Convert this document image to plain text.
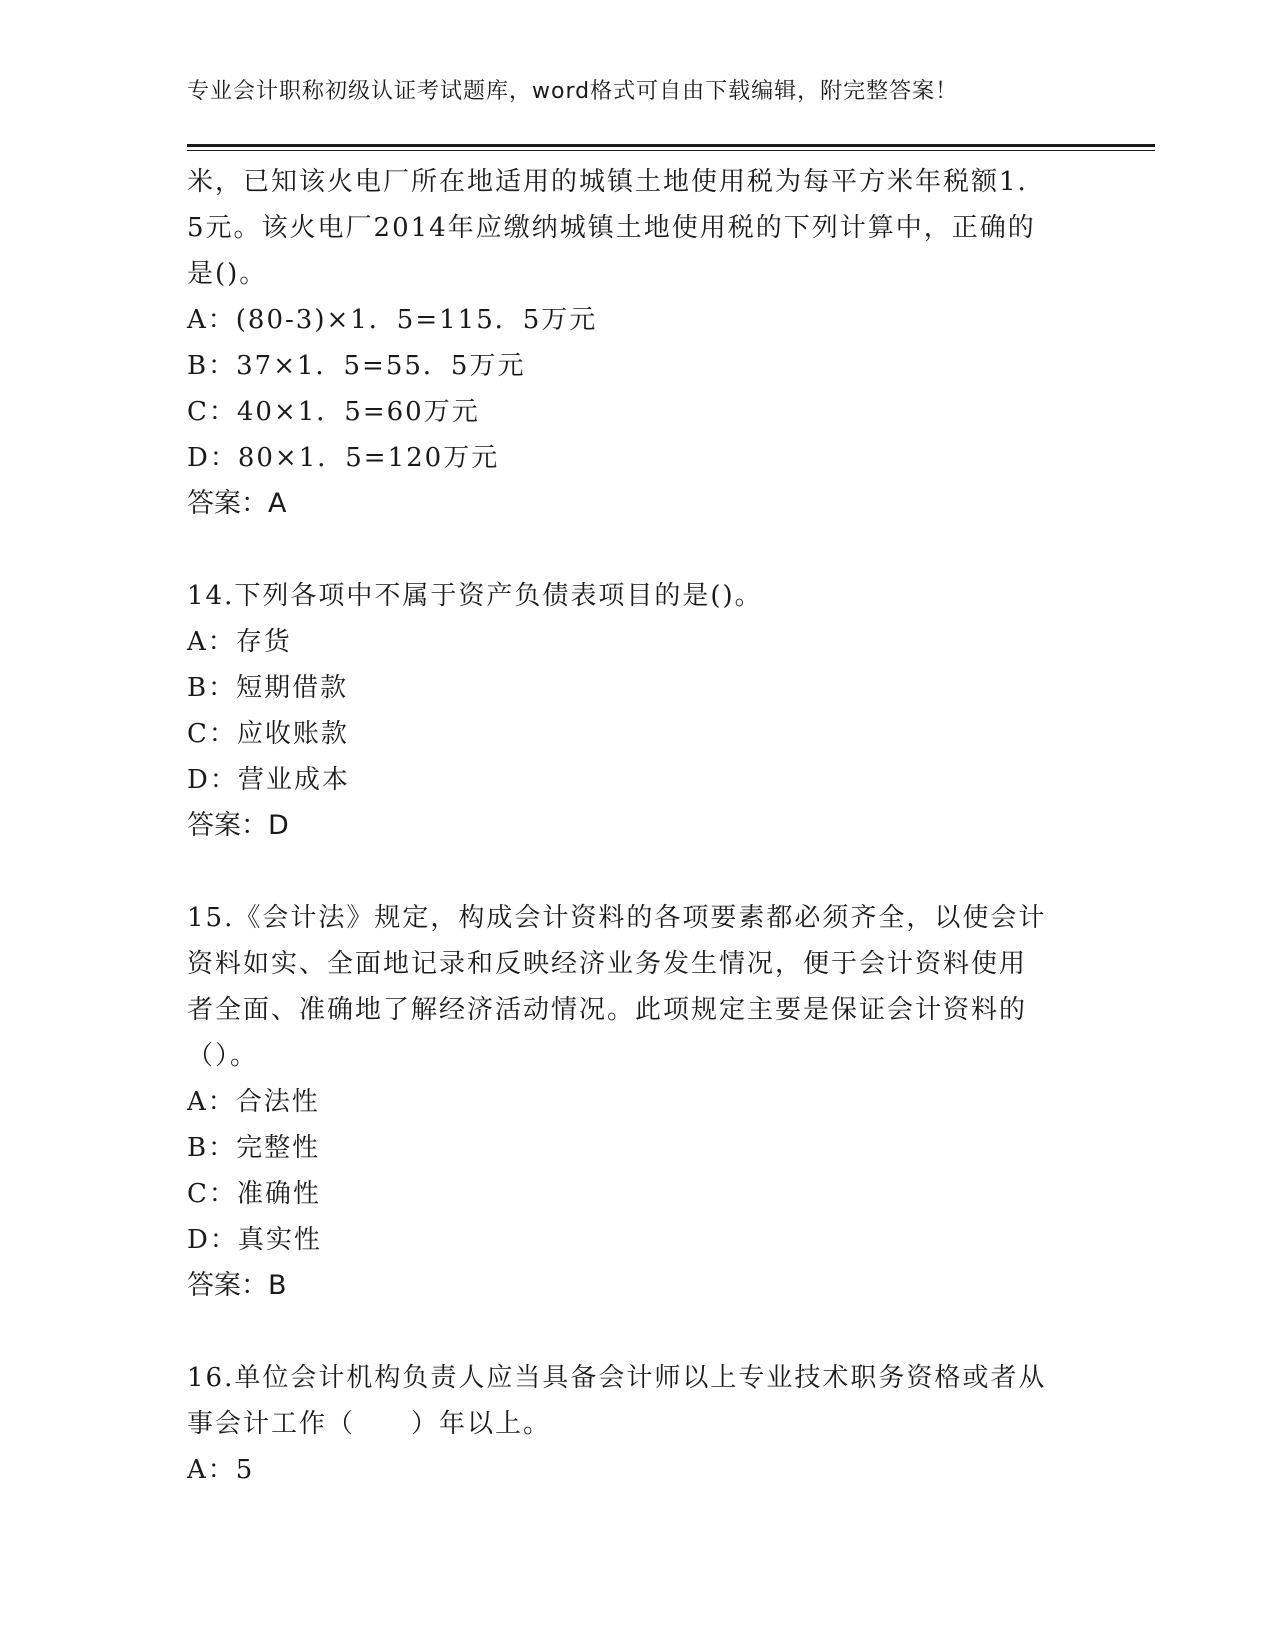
专业会计职称初级认证考试题库，word格式可自由下载编辑，附完整答案！
米，已知该火电厂所在地适用的城镇土地使用税为每平方米年税额1.
5元。该火电厂2014年应缴纳城镇土地使用税的下列计算中，正确的
是()。
A：(80-3)×1．5=115．5万元
B：37×1．5=55．5万元
C：40×1．5=60万元
D：80×1．5=120万元
答案：A
14.下列各项中不属于资产负债表项目的是()。
A：存货
B：短期借款
C：应收账款
D：营业成本
答案：D
15.《会计法》规定，构成会计资料的各项要素都必须齐全，以使会计
资料如实、全面地记录和反映经济业务发生情况，便于会计资料使用
者全面、准确地了解经济活动情况。此项规定主要是保证会计资料的
（）。
A：合法性
B：完整性
C：准确性
D：真实性
答案：B
16.单位会计机构负责人应当具备会计师以上专业技术职务资格或者从
事会计工作（　　）年以上。
A：5
